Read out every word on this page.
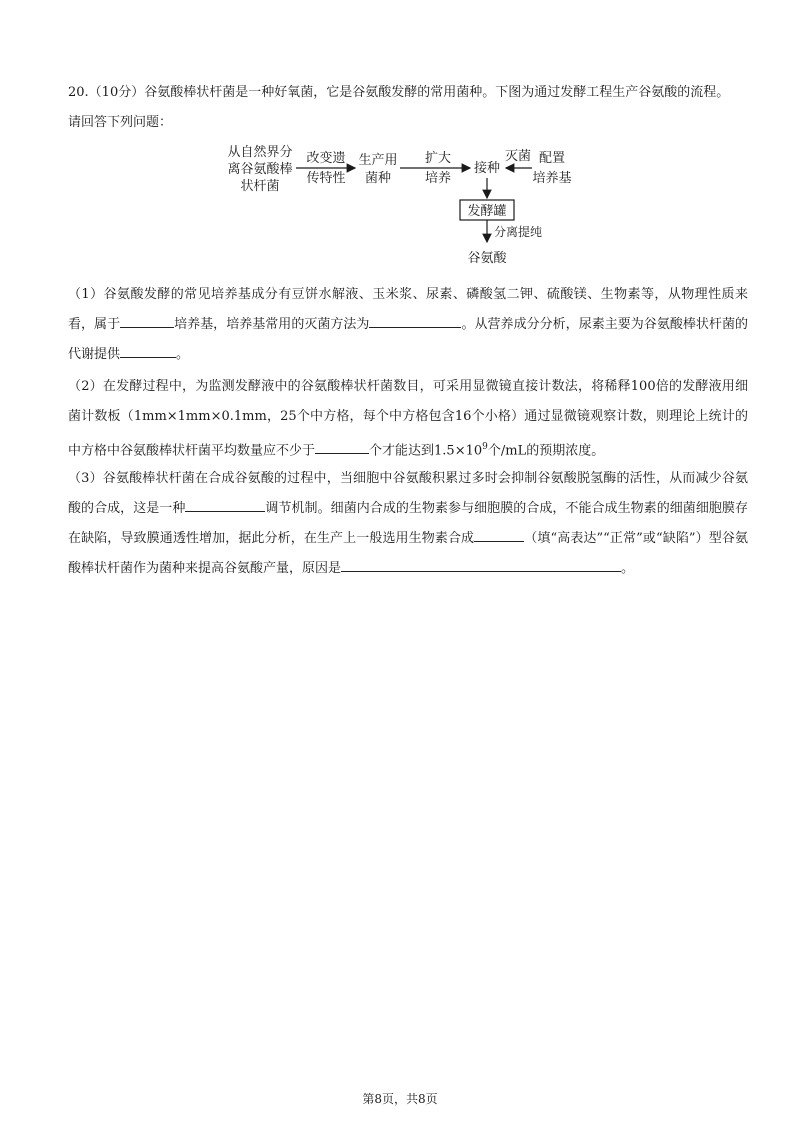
20.（10分）谷氨酸棒状杆菌是一种好氧菌，它是谷氨酸发酵的常用菌种。下图为通过发酵工程生产谷氨酸的流程。
请回答下列问题：
从自然界分
离谷氨酸棒
状杆菌
改变遗
传特性
生产用
菌种
扩大
培养
接种
灭菌 配置
培养基
发酵罐
分离提纯
谷氨酸
（1）谷氨酸发酵的常见培养基成分有豆饼水解液、玉米浆、尿素、磷酸氢二钾、硫酸镁、生物素等，从物理性质来看，属于	培养基，培养基常用的灭菌方法为	。从营养成分分析，尿素主要为谷氨酸棒状杆菌的代谢提供	。
（2）在发酵过程中，为监测发酵液中的谷氨酸棒状杆菌数目，可采用显微镜直接计数法，将稀释100倍的发酵液用细菌计数板（1mm×1mm×0.1mm，25个中方格，每个中方格包含16个小格）通过显微镜观察计数，则理论上统计的中方格中谷氨酸棒状杆菌平均数量应不少于	个才能达到$1.5\times 10^9$个/mL的预期浓度。
（3）谷氨酸棒状杆菌在合成谷氨酸的过程中，当细胞中谷氨酸积累过多时会抑制谷氨酸脱氢酶的活性，从而减少谷氨酸的合成，这是一种	调节机制。细菌内合成的生物素参与细胞膜的合成，不能合成生物素的细菌细胞膜存在缺陷，导致膜通透性增加，据此分析，在生产上一般选用生物素合成	（填“高表达”“正常”或“缺陷”）型谷氨酸棒状杆菌作为菌种来提高谷氨酸产量，原因是	。
第8页，共8页
